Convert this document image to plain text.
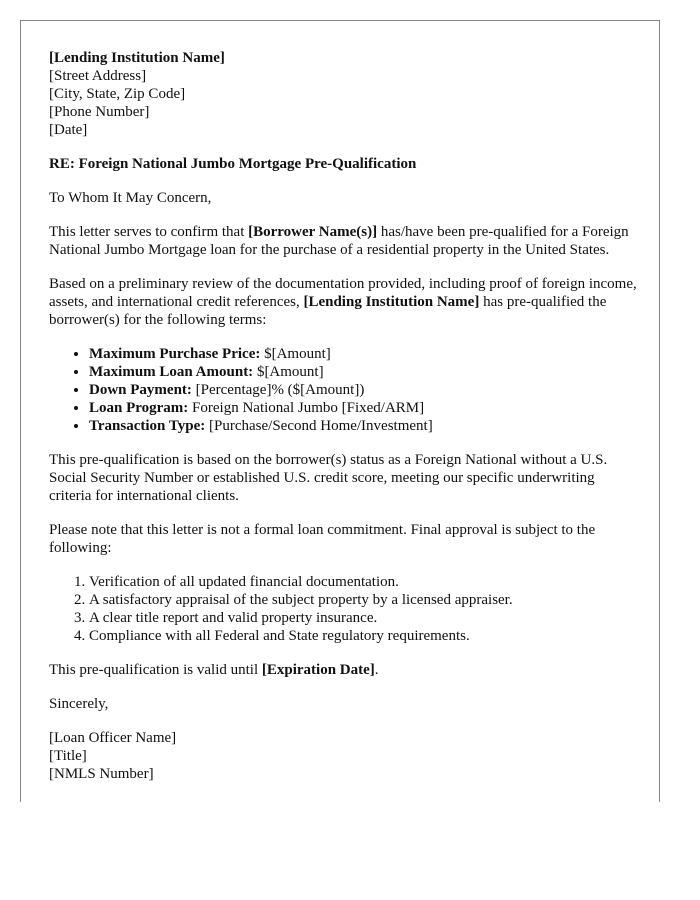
[Lending Institution Name]

[Street Address]

[City, State, Zip Code]

[Phone Number]

[Date]

RE: Foreign National Jumbo Mortgage Pre-Qualification

To Whom It May Concern,

This letter serves to confirm that [Borrower Name(s)] has/have been pre-qualified for a Foreign National Jumbo Mortgage loan for the purchase of a residential property in the United States.

Based on a preliminary review of the documentation provided, including proof of foreign income, assets, and international credit references, [Lending Institution Name] has pre-qualified the borrower(s) for the following terms:

• Maximum Purchase Price: $[Amount]
• Maximum Loan Amount: $[Amount]
• Down Payment: [Percentage]% ($[Amount])
• Loan Program: Foreign National Jumbo [Fixed/ARM]
• Transaction Type: [Purchase/Second Home/Investment]

This pre-qualification is based on the borrower(s) status as a Foreign National without a U.S. Social Security Number or established U.S. credit score, meeting our specific underwriting criteria for international clients.

Please note that this letter is not a formal loan commitment. Final approval is subject to the following:

1. Verification of all updated financial documentation.
2. A satisfactory appraisal of the subject property by a licensed appraiser.
3. A clear title report and valid property insurance.
4. Compliance with all Federal and State regulatory requirements.

This pre-qualification is valid until [Expiration Date].

Sincerely,

[Loan Officer Name]

[Title]

[NMLS Number]
